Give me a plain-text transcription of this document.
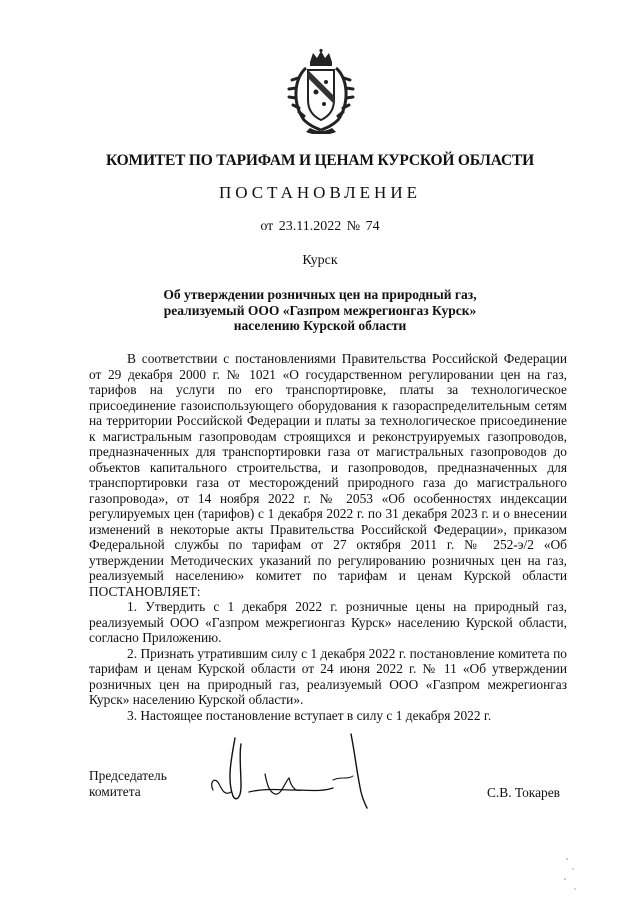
КОМИТЕТ ПО ТАРИФАМ И ЦЕНАМ КУРСКОЙ ОБЛАСТИ
ПОСТАНОВЛЕНИЕ
от 23.11.2022 № 74
Курск
Об утверждении розничных цен на природный газ,
реализуемый ООО «Газпром межрегионгаз Курск»
населению Курской области

В соответствии с постановлениями Правительства Российской Федерации от 29 декабря 2000 г. № 1021 «О государственном регулировании цен на газ, тарифов на услуги по его транспортировке, платы за технологическое присоединение газоиспользующего оборудования к газораспределительным сетям на территории Российской Федерации и платы за технологическое присоединение к магистральным газопроводам строящихся и реконструируемых газопроводов, предназначенных для транспортировки газа от магистральных газопроводов до объектов капитального строительства, и газопроводов, предназначенных для транспортировки газа от месторождений природного газа до магистрального газопровода», от 14 ноября 2022 г. № 2053 «Об особенностях индексации регулируемых цен (тарифов) с 1 декабря 2022 г. по 31 декабря 2023 г. и о внесении изменений в некоторые акты Правительства Российской Федерации», приказом Федеральной службы по тарифам от 27 октября 2011 г. № 252-э/2 «Об утверждении Методических указаний по регулированию розничных цен на газ, реализуемый населению» комитет по тарифам и ценам Курской области ПОСТАНОВЛЯЕТ:

1. Утвердить с 1 декабря 2022 г. розничные цены на природный газ, реализуемый ООО «Газпром межрегионгаз Курск» населению Курской области, согласно Приложению.

2. Признать утратившим силу с 1 декабря 2022 г. постановление комитета по тарифам и ценам Курской области от 24 июня 2022 г. № 11 «Об утверждении розничных цен на природный газ, реализуемый ООО «Газпром межрегионгаз Курск» населению Курской области».

3. Настоящее постановление вступает в силу с 1 декабря 2022 г.

Председатель
комитета	С.В. Токарев
